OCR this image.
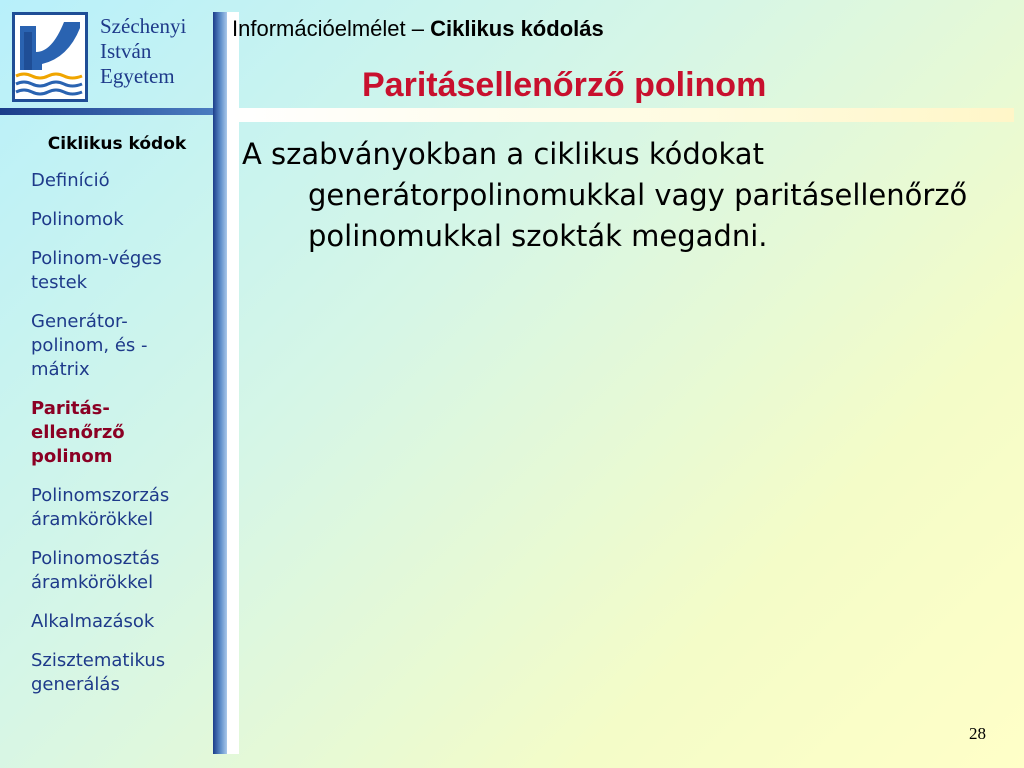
Széchenyi
István
Egyetem
Információelmélet – Ciklikus kódolás
Paritásellenőrző polinom
Ciklikus kódok
Definíció
Polinomok
Polinom-véges testek
Generátor-polinom, és -mátrix
Paritás-ellenőrző polinom
Polinomszorzás áramkörökkel
Polinomosztás áramkörökkel
Alkalmazások
Szisztematikus generálás
A szabványokban a ciklikus kódokat generátorpolinomukkal vagy paritásellenőrző polinomukkal szokták megadni.
28
